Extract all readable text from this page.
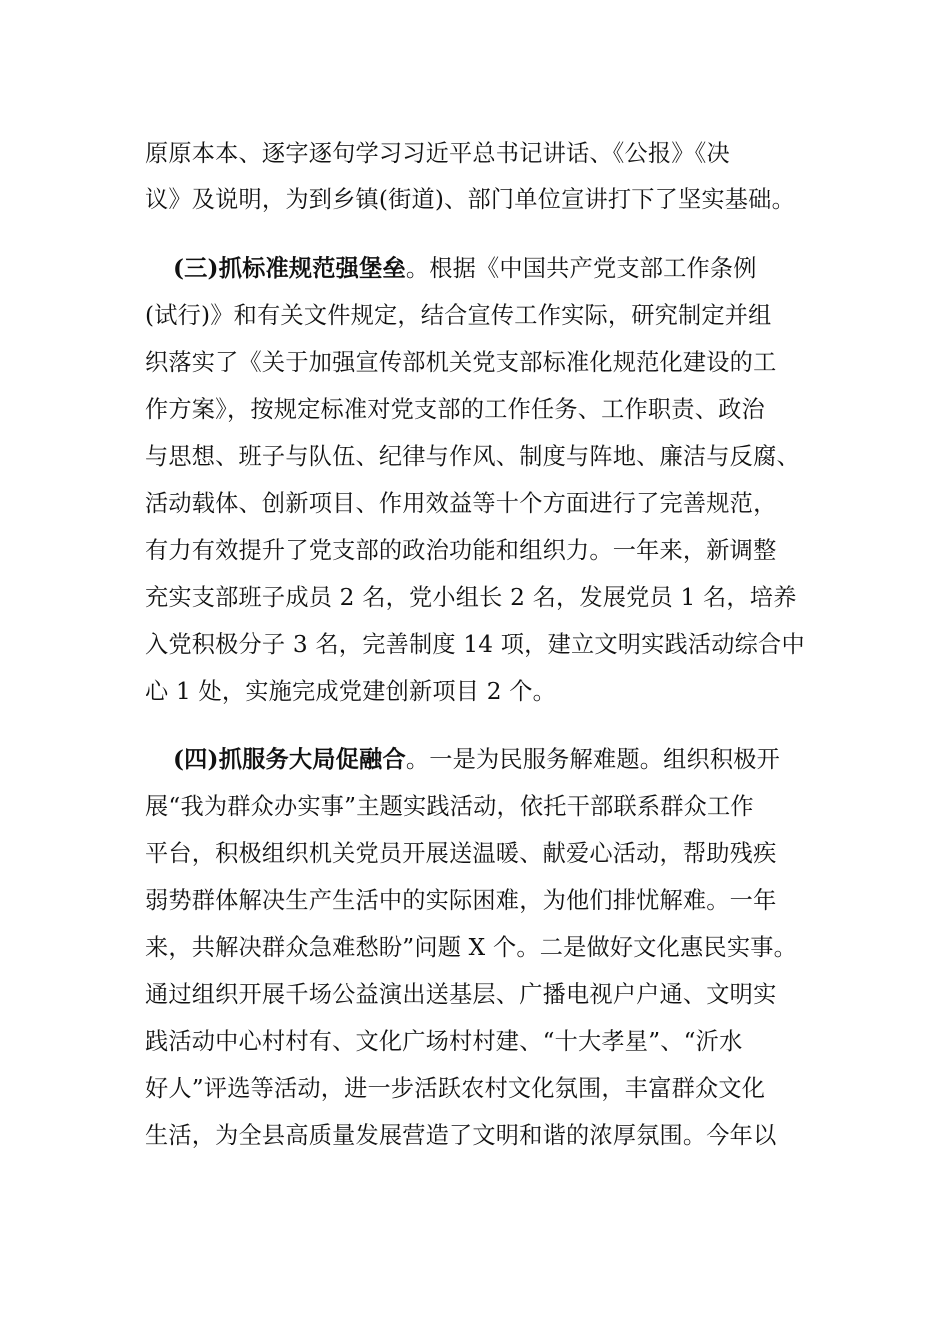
原原本本、逐字逐句学习习近平总书记讲话、《公报》《决
议》及说明，为到乡镇(街道)、部门单位宣讲打下了坚实基础。
(三)抓标准规范强堡垒。根据《中国共产党支部工作条例
(试行)》和有关文件规定，结合宣传工作实际，研究制定并组
织落实了《关于加强宣传部机关党支部标准化规范化建设的工
作方案》，按规定标准对党支部的工作任务、工作职责、政治
与思想、班子与队伍、纪律与作风、制度与阵地、廉洁与反腐、
活动载体、创新项目、作用效益等十个方面进行了完善规范，
有力有效提升了党支部的政治功能和组织力。一年来，新调整
充实支部班子成员 2 名，党小组长 2 名，发展党员 1 名，培养
入党积极分子 3 名，完善制度 14 项，建立文明实践活动综合中
心 1 处，实施完成党建创新项目 2 个。
(四)抓服务大局促融合。一是为民服务解难题。组织积极开
展“我为群众办实事”主题实践活动，依托干部联系群众工作
平台，积极组织机关党员开展送温暖、献爱心活动，帮助残疾
弱势群体解决生产生活中的实际困难，为他们排忧解难。一年
来，共解决群众急难愁盼”问题 X 个。二是做好文化惠民实事。
通过组织开展千场公益演出送基层、广播电视户户通、文明实
践活动中心村村有、文化广场村村建、“十大孝星”、“沂水
好人”评选等活动，进一步活跃农村文化氛围，丰富群众文化
生活，为全县高质量发展营造了文明和谐的浓厚氛围。今年以
